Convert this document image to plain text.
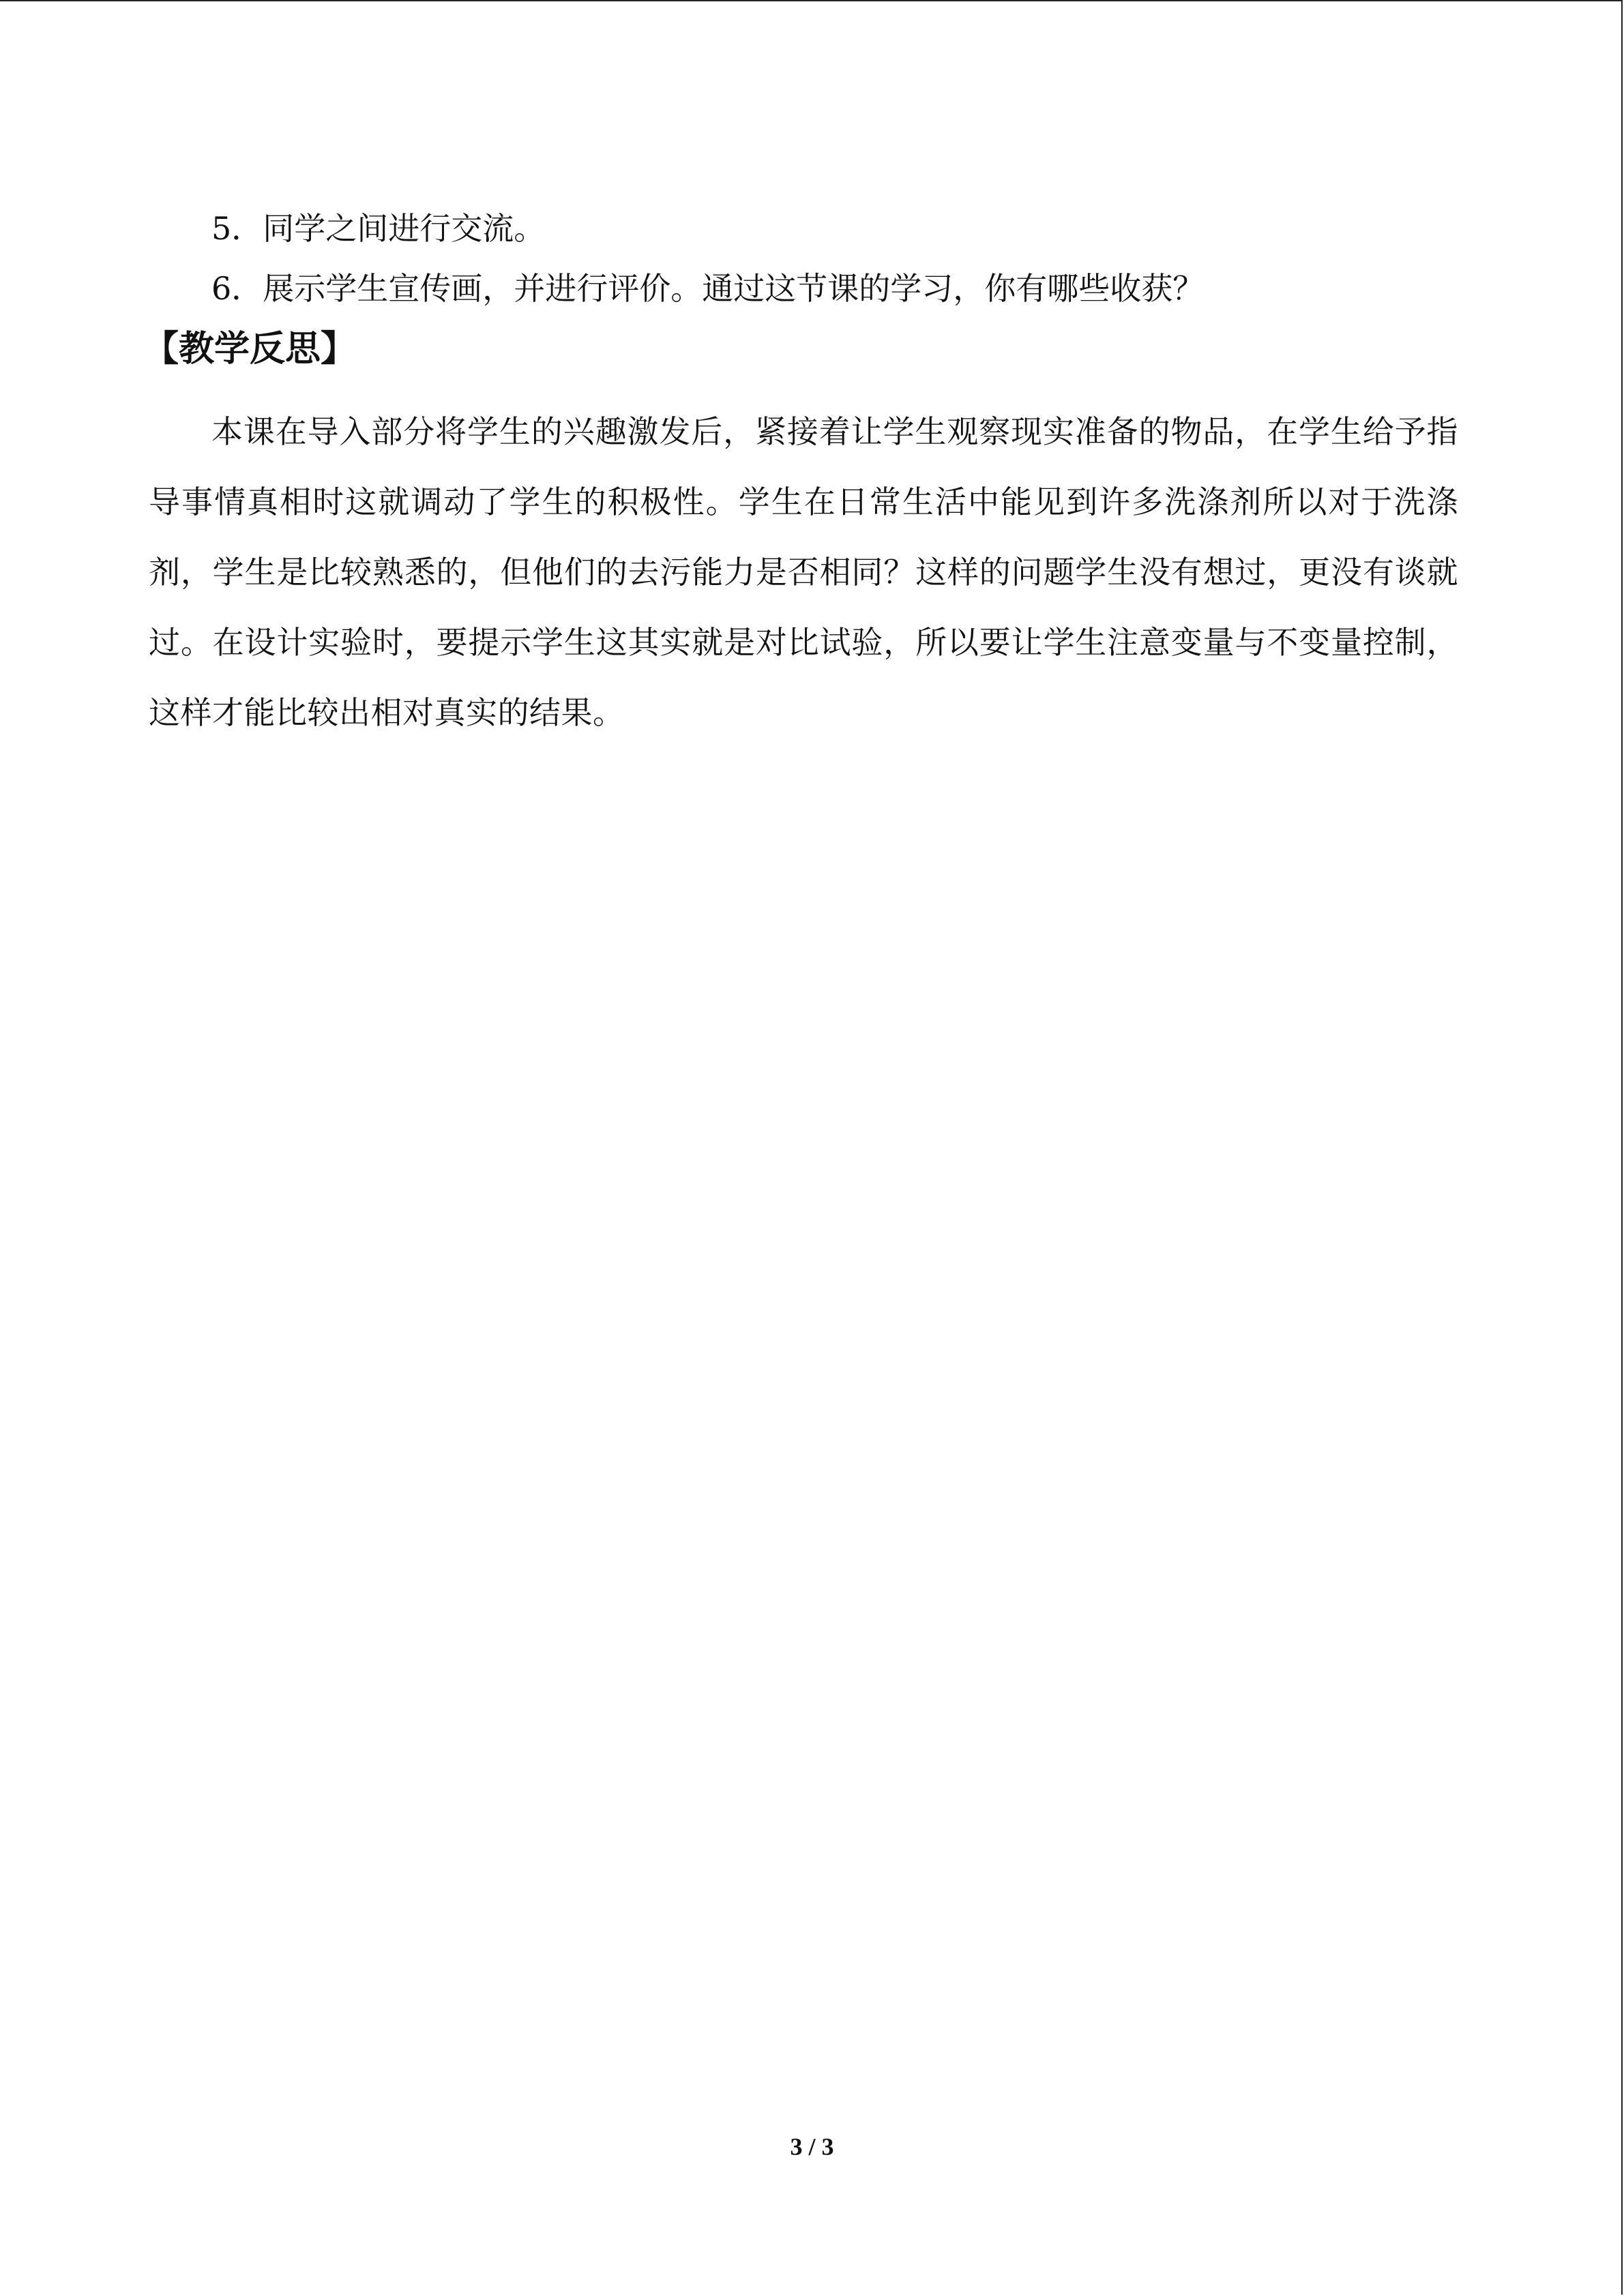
5．同学之间进行交流。

6．展示学生宣传画，并进行评价。通过这节课的学习，你有哪些收获？

【教学反思】

本课在导入部分将学生的兴趣激发后，紧接着让学生观察现实准备的物品，在学生给予指导事情真相时这就调动了学生的积极性。学生在日常生活中能见到许多洗涤剂所以对于洗涤剂，学生是比较熟悉的，但他们的去污能力是否相同？这样的问题学生没有想过，更没有谈就过。在设计实验时，要提示学生这其实就是对比试验，所以要让学生注意变量与不变量控制，这样才能比较出相对真实的结果。

3 / 3
